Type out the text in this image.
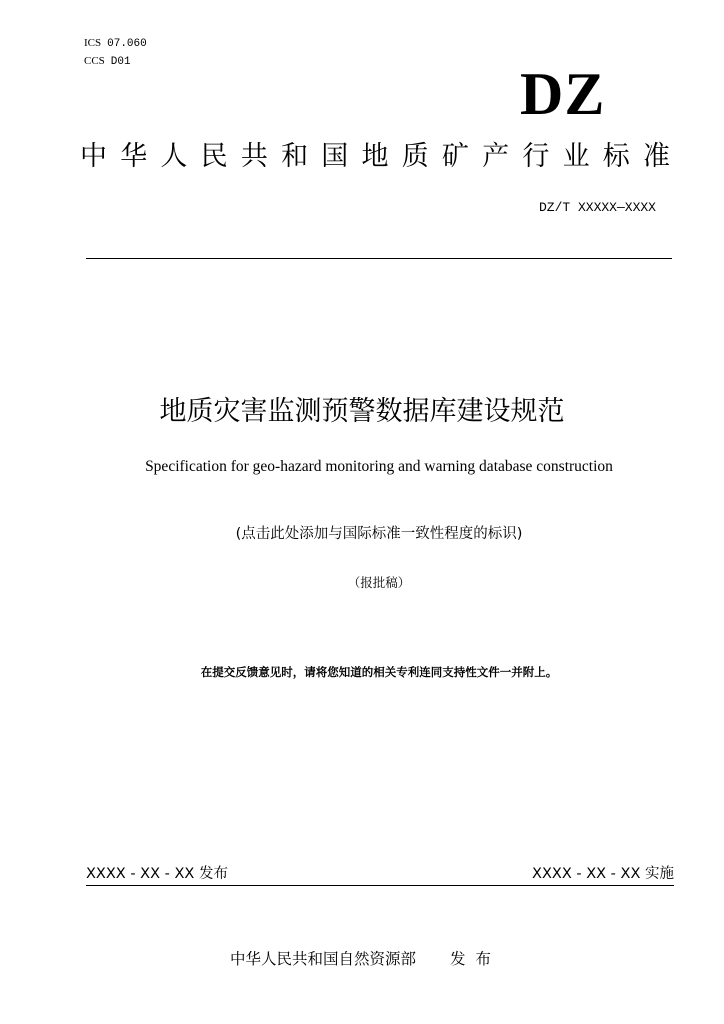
ICS 07.060
CCS D01	DZ
中华人民共和国地质矿产行业标准
DZ/T XXXXX—XXXX
地质灾害监测预警数据库建设规范
Specification for geo-hazard monitoring and warning database construction
(点击此处添加与国际标准一致性程度的标识)
（报批稿）
在提交反馈意见时，请将您知道的相关专利连同支持性文件一并附上。
XXXX - XX - XX 发布	XXXX - XX - XX 实施
中华人民共和国自然资源部 发布
